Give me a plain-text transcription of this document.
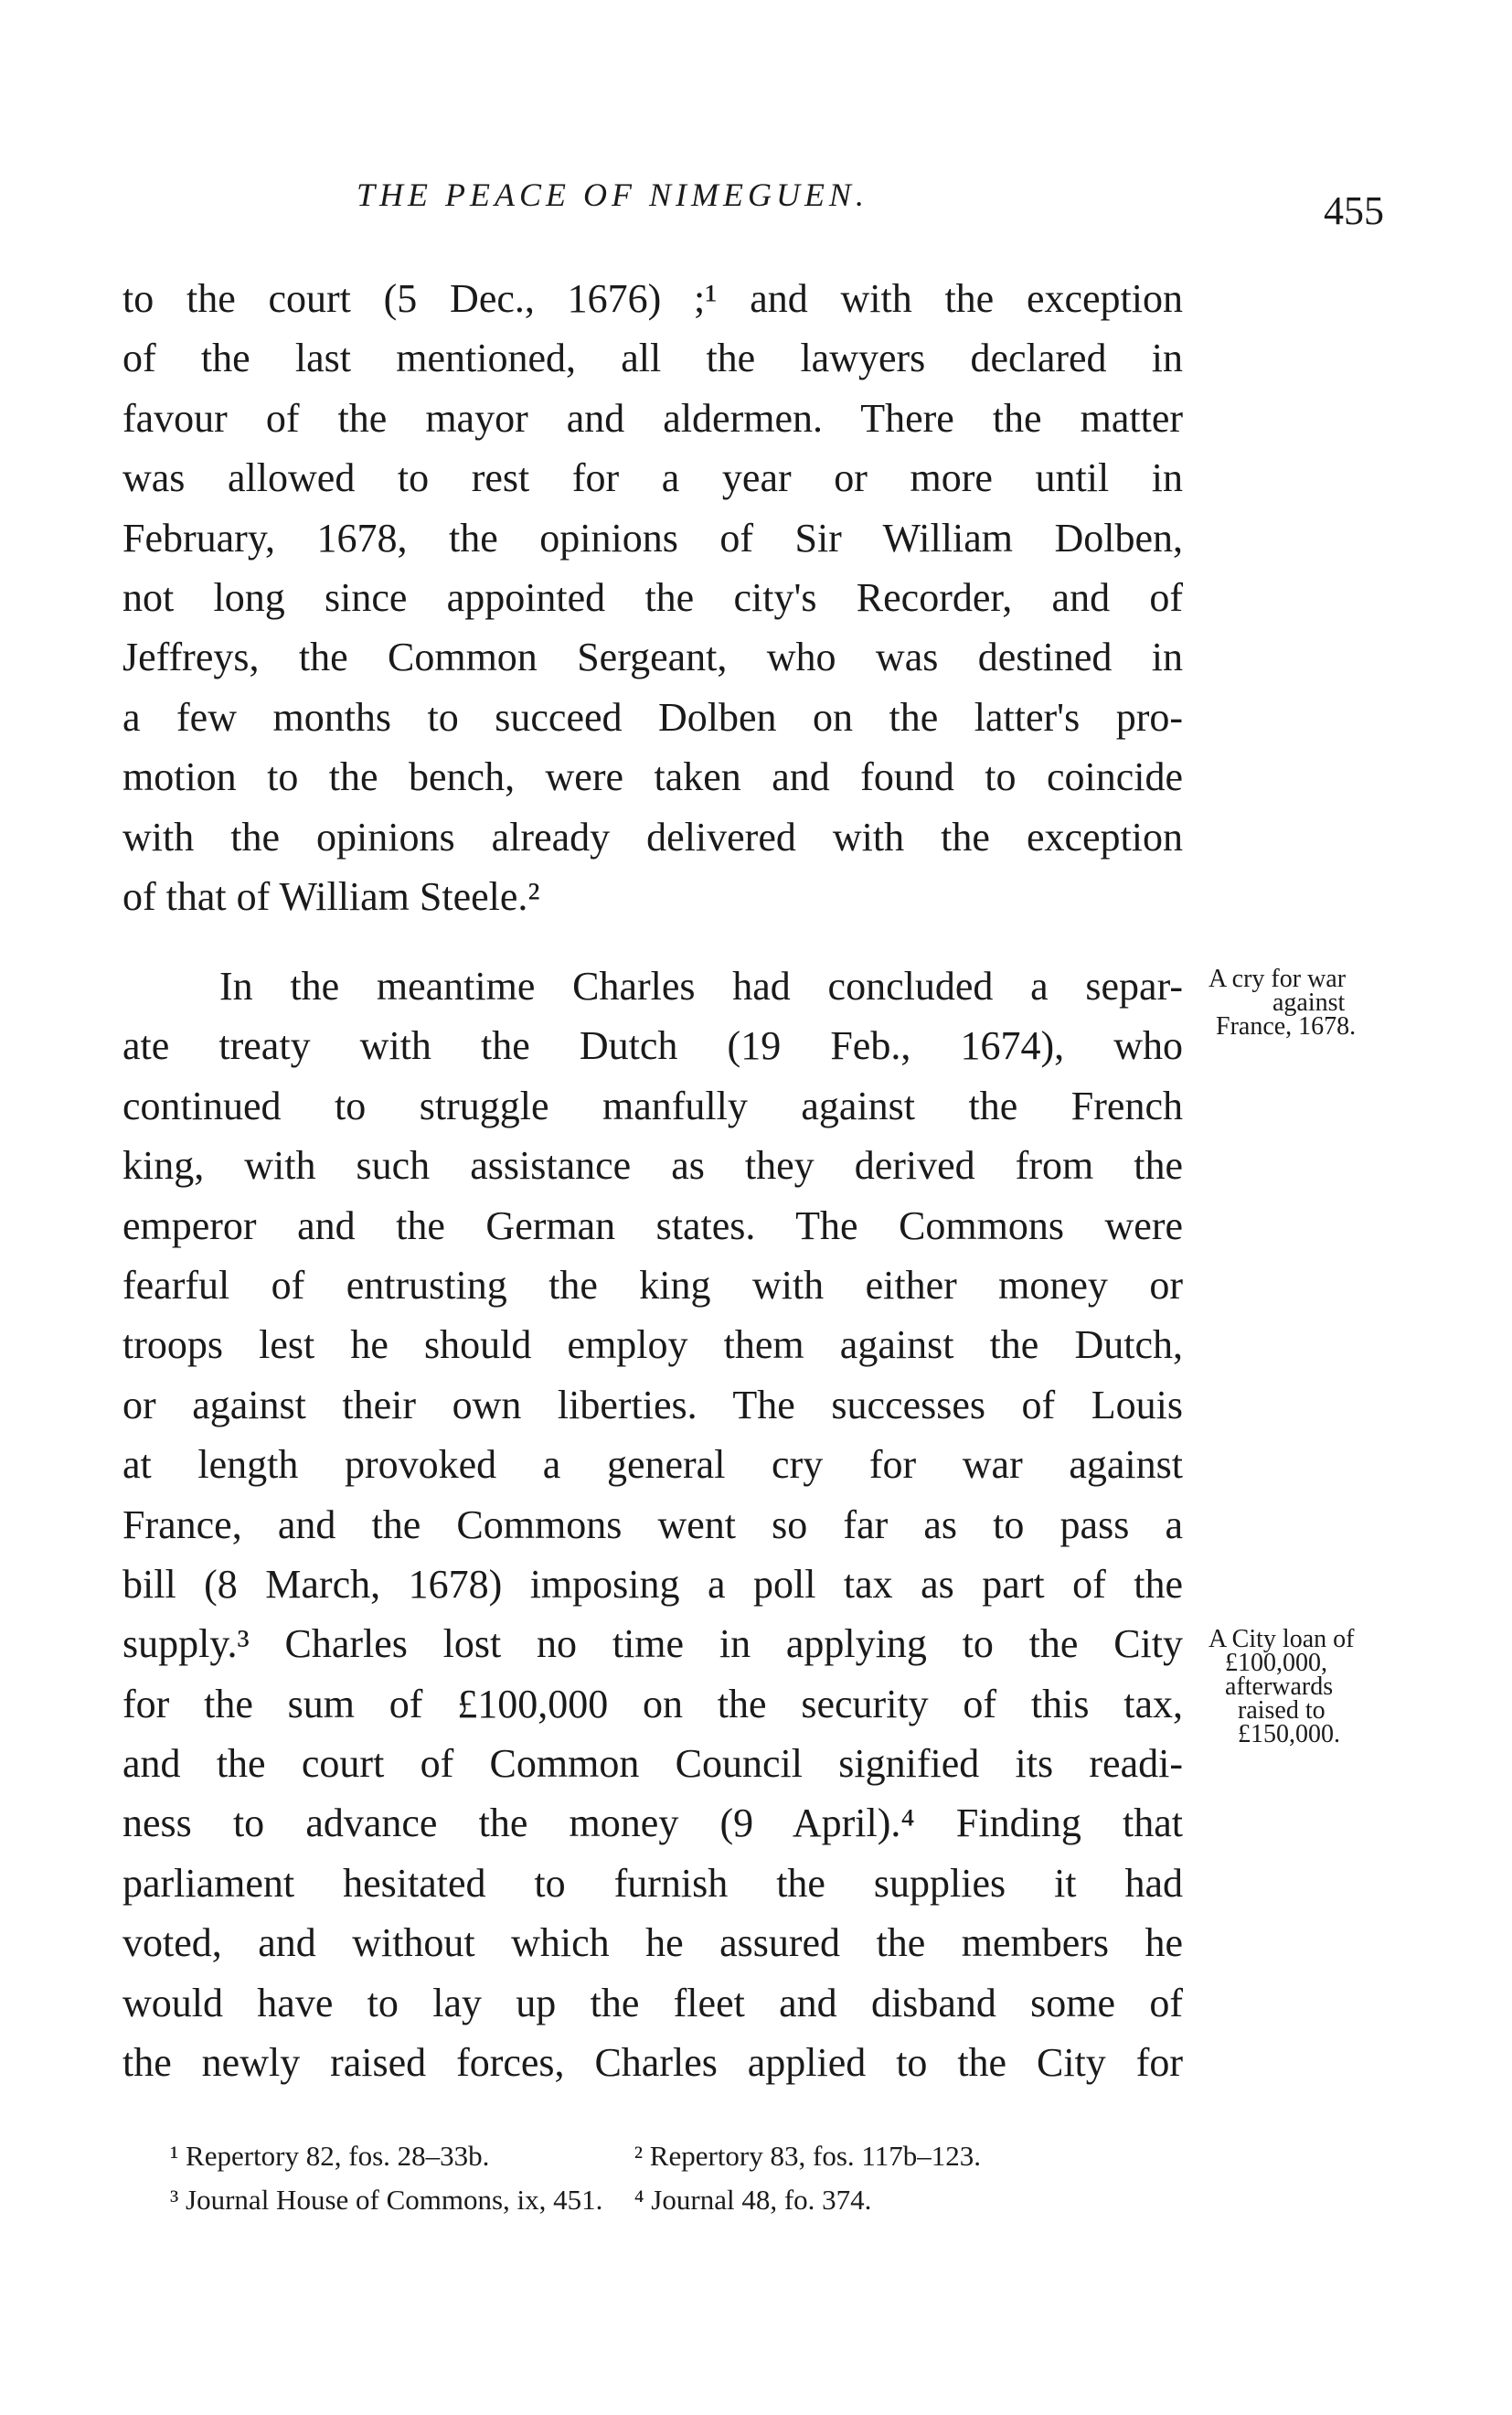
THE PEACE OF NIMEGUEN.	455
to the court (5 Dec., 1676) ;¹ and with the exception
of the last mentioned, all the lawyers declared in
favour of the mayor and aldermen. There the matter
was allowed to rest for a year or more until in
February, 1678, the opinions of Sir William Dolben,
not long since appointed the city's Recorder, and of
Jeffreys, the Common Sergeant, who was destined in
a few months to succeed Dolben on the latter's pro-
motion to the bench, were taken and found to coincide
with the opinions already delivered with the exception
of that of William Steele.²
In the meantime Charles had concluded a separ-
ate treaty with the Dutch (19 Feb., 1674), who
continued to struggle manfully against the French
king, with such assistance as they derived from the
emperor and the German states. The Commons were
fearful of entrusting the king with either money or
troops lest he should employ them against the Dutch,
or against their own liberties. The successes of Louis
at length provoked a general cry for war against
France, and the Commons went so far as to pass a
bill (8 March, 1678) imposing a poll tax as part of the
supply.³ Charles lost no time in applying to the City
for the sum of £100,000 on the security of this tax,
and the court of Common Council signified its readi-
ness to advance the money (9 April).⁴ Finding that
parliament hesitated to furnish the supplies it had
voted, and without which he assured the members he
would have to lay up the fleet and disband some of
the newly raised forces, Charles applied to the City for
A cry for war
against
France, 1678.
A City loan of
£100,000,
afterwards
raised to
£150,000.
¹ Repertory 82, fos. 28–33b.	² Repertory 83, fos. 117b–123.
³ Journal House of Commons, ix, 451. ⁴ Journal 48, fo. 374.
